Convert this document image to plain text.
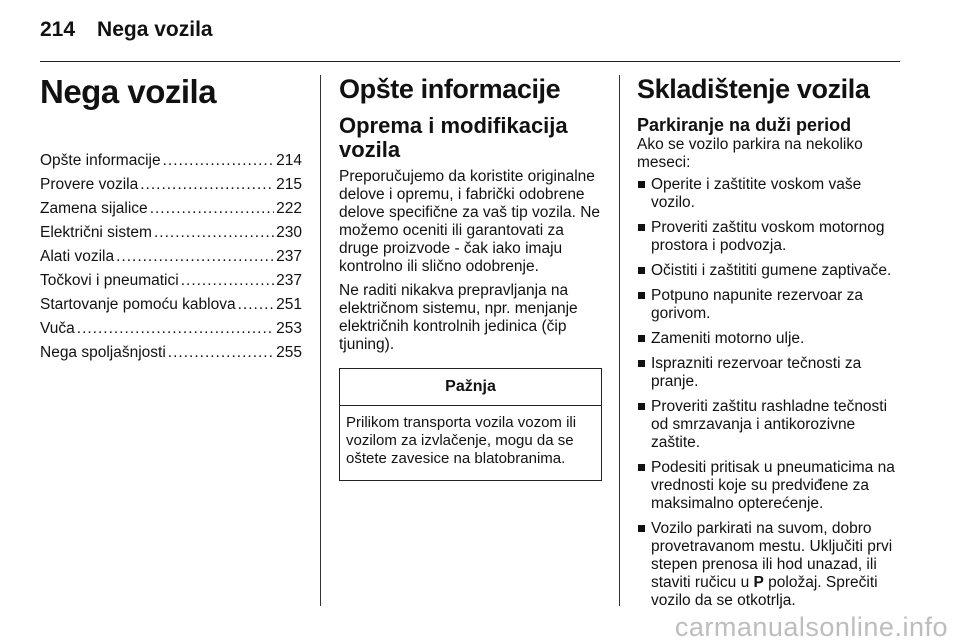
214 Nega vozila
Nega vozila
Opšte informacije .....	214
Provere vozila .....	215
Zamena sijalice .....	222
Električni sistem .....	230
Alati vozila .....	237
Točkovi i pneumatici .....	237
Startovanje pomoću kablova .....	251
Vuča .....	253
Nega spoljašnjosti .....	255
Opšte informacije
Oprema i modifikacija vozila

Preporučujemo da koristite originalne delove i opremu, i fabrički odobrene delove specifične za vaš tip vozila. Ne možemo oceniti ili garantovati za druge proizvode - čak iako imaju kontrolno ili slično odobrenje.

Ne raditi nikakva prepravljanja na električnom sistemu, npr. menjanje električnih kontrolnih jedinica (čip tjuning).

Pažnja
Prilikom transporta vozila vozom ili vozilom za izvlačenje, mogu da se oštete zavesice na blatobranima.
Skladištenje vozila
Parkiranje na duži period

Ako se vozilo parkira na nekoliko meseci:

Operite i zaštitite voskom vaše vozilo.
Proveriti zaštitu voskom motornog prostora i podvozja.
Očistiti i zaštititi gumene zaptivače.
Potpuno napunite rezervoar za gorivom.
Zameniti motorno ulje.
Isprazniti rezervoar tečnosti za pranje.
Proveriti zaštitu rashladne tečnosti od smrzavanja i antikorozivne zaštite.
Podesiti pritisak u pneumaticima na vrednosti koje su predviđene za maksimalno opterećenje.
Vozilo parkirati na suvom, dobro provetravanom mestu. Uključiti prvi stepen prenosa ili hod unazad, ili staviti ručicu u P položaj. Sprečiti vozilo da se otkotrlja.
carmanualsonline.info
